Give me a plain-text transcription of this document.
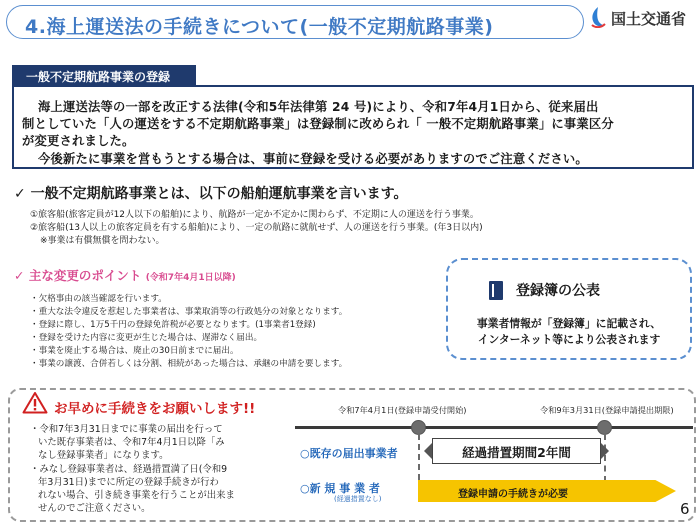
4.海上運送法の手続きについて(一般不定期航路事業)	国土交通省
一般不定期航路事業の登録
海上運送法等の一部を改正する法律(令和5年法律第 24 号)により、令和7年4月1日から、従来届出
制としていた「人の運送をする不定期航路事業」は登録制に改められ「 一般不定期航路事業」に事業区分
が変更されました。
今後新たに事業を営もうとする場合は、事前に登録を受ける必要がありますのでご注意ください。
✓ 一般不定期航路事業とは、以下の船舶運航事業を言います。
①旅客船(旅客定員が12人以下の船舶)により、航路が一定か不定かに関わらず、不定期に人の運送を行う事業。
②旅客船(13人以上の旅客定員を有する船舶)により、一定の航路に就航せず、人の運送を行う事業。(年3日以内)
※事業は有償無償を問わない。
✓ 主な変更のポイント (令和7年4月1日以降)
・欠格事由の該当確認を行います。
・重大な法令違反を惹起した事業者は、事業取消等の行政処分の対象となります。
・登録に際し、1万5千円の登録免許税が必要となります。(1事業者1登録)
・登録を受けた内容に変更が生じた場合は、遅滞なく届出。
・事業を廃止する場合は、廃止の30日前までに届出。
・事業の譲渡、合併若しくは分割、相続があった場合は、承継の申請を要します。
登録簿の公表
事業者情報が「登録簿」に記載され、
インターネット等により公表されます
お早めに手続きをお願いします!!
・令和7年3月31日までに事業の届出を行って
いた既存事業者は、令和7年4月1日以降「み
なし登録事業者」になります。
・みなし登録事業者は、経過措置満了日(令和9
年3月31日)までに所定の登録手続きが行わ
れない場合、引き続き事業を行うことが出来ま
せんのでご注意ください。
令和7年4月1日(登録申請受付開始)	令和9年3月31日(登録申請提出期限)
○既存の届出事業者	経過措置期間2年間
○新 規 事 業 者
(経過措置なし)	登録申請の手続きが必要
6
